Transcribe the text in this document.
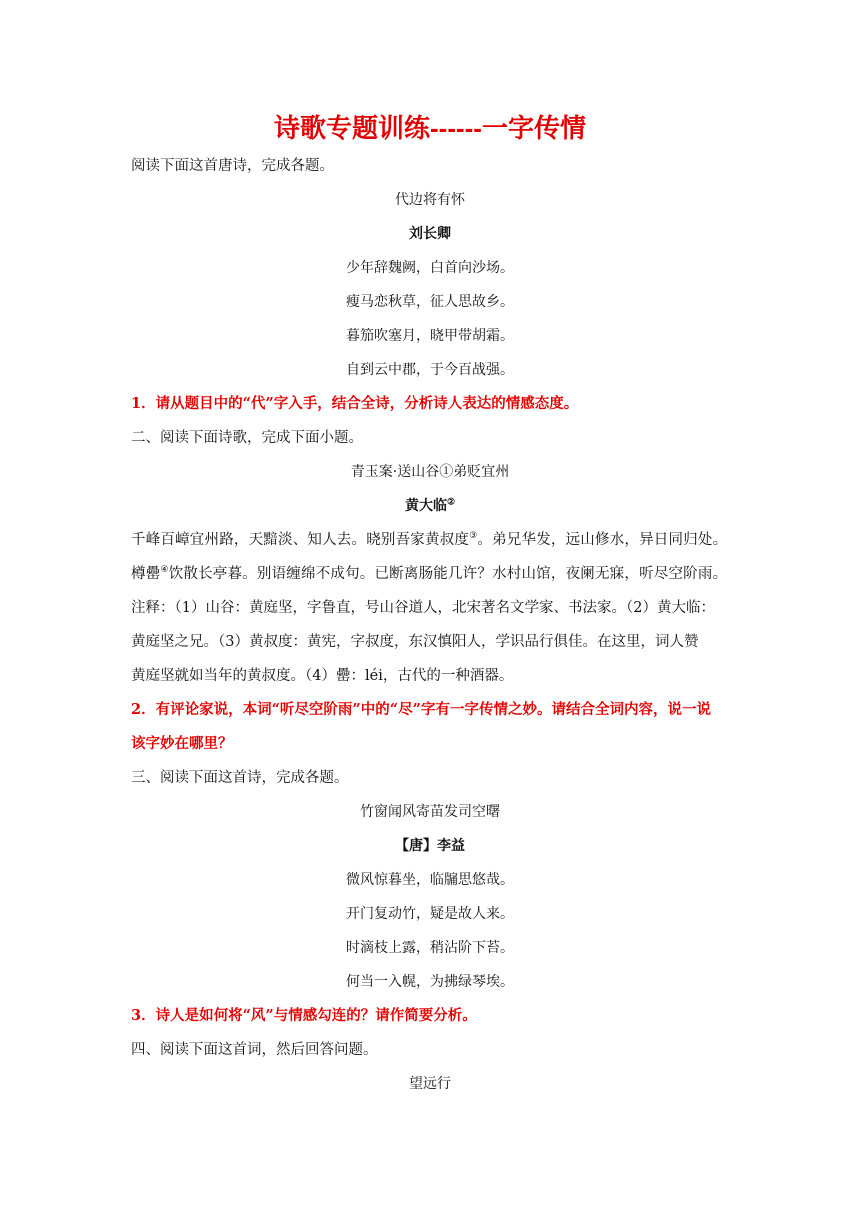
诗歌专题训练------一字传情
阅读下面这首唐诗，完成各题。
代边将有怀
刘长卿
少年辞魏阙，白首向沙场。
瘦马恋秋草，征人思故乡。
暮笳吹塞月，晓甲带胡霜。
自到云中郡，于今百战强。
1．请从题目中的“代”字入手，结合全诗，分析诗人表达的情感态度。
二、阅读下面诗歌，完成下面小题。
青玉案·送山谷①弟贬宜州
黄大临②
千峰百嶂宜州路，天黯淡、知人去。晓别吾家黄叔度③。弟兄华发，远山修水，异日同归处。
樽罍④饮散长亭暮。别语缠绵不成句。已断离肠能几许？水村山馆，夜阑无寐，听尽空阶雨。
注释：（1）山谷：黄庭坚，字鲁直，号山谷道人，北宋著名文学家、书法家。（2）黄大临：
黄庭坚之兄。（3）黄叔度：黄宪，字叔度，东汉慎阳人，学识品行俱佳。在这里，词人赞
黄庭坚就如当年的黄叔度。（4）罍：léi，古代的一种酒器。
2．有评论家说，本词“听尽空阶雨”中的“尽”字有一字传情之妙。请结合全词内容，说一说
该字妙在哪里？
三、阅读下面这首诗，完成各题。
竹窗闻风寄苗发司空曙
【唐】李益
微风惊暮坐，临牖思悠哉。
开门复动竹，疑是故人来。
时滴枝上露，稍沾阶下苔。
何当一入幌，为拂绿琴埃。
3．诗人是如何将“风”与情感勾连的？请作简要分析。
四、阅读下面这首词，然后回答问题。
望远行
